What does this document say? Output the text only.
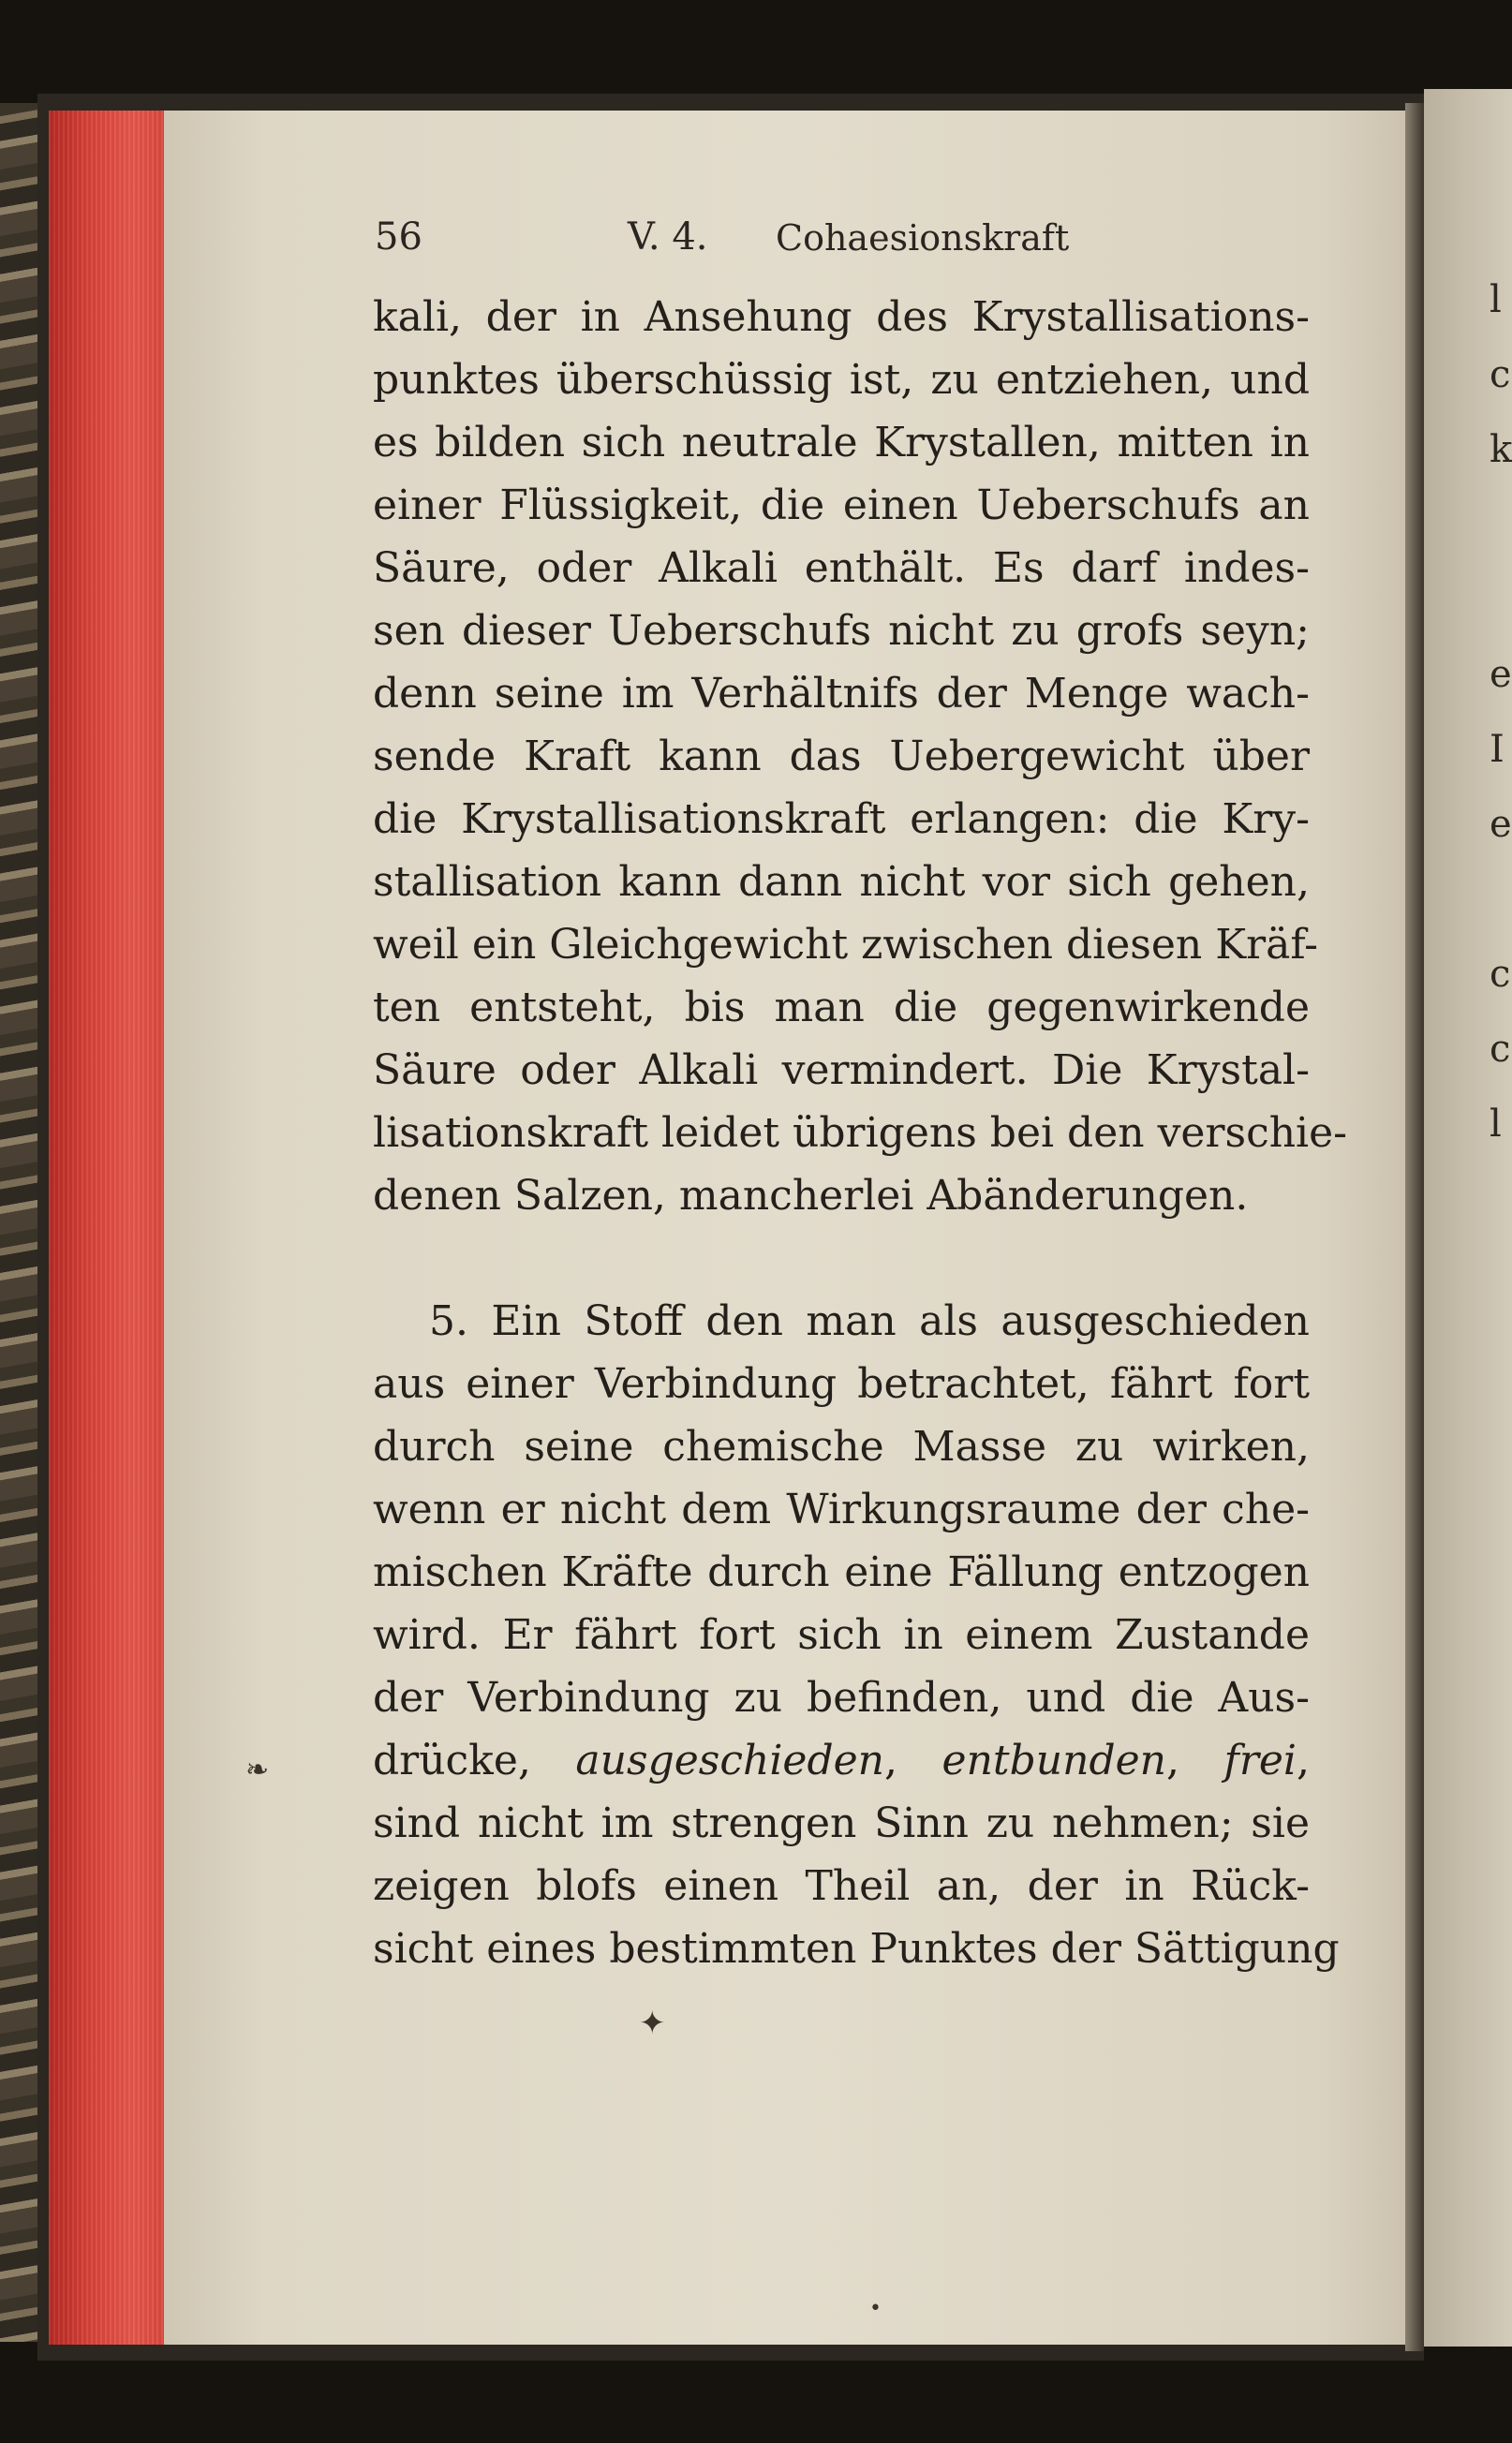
l
c
k
e
I
e
c
c
l
56	V. 4. Cohaesionskraft
kali, der in Ansehung des Krystallisations-
punktes überschüssig ist, zu entziehen, und
es bilden sich neutrale Krystallen, mitten in
einer Flüssigkeit, die einen Ueberschufs an
Säure, oder Alkali enthält. Es darf indes-
sen dieser Ueberschufs nicht zu grofs seyn;
denn seine im Verhältnifs der Menge wach-
sende Kraft kann das Uebergewicht über
die Krystallisationskraft erlangen: die Kry-
stallisation kann dann nicht vor sich gehen,
weil ein Gleichgewicht zwischen diesen Kräf-
ten entsteht, bis man die gegenwirkende
Säure oder Alkali vermindert. Die Krystal-
lisationskraft leidet übrigens bei den verschie-
denen Salzen, mancherlei Abänderungen.
5. Ein Stoff den man als ausgeschieden
aus einer Verbindung betrachtet, fährt fort
durch seine chemische Masse zu wirken,
wenn er nicht dem Wirkungsraume der che-
mischen Kräfte durch eine Fällung entzogen
wird. Er fährt fort sich in einem Zustande
der Verbindung zu befinden, und die Aus-
drücke, ausgeschieden, entbunden, frei,
sind nicht im strengen Sinn zu nehmen; sie
zeigen blofs einen Theil an, der in Rück-
sicht eines bestimmten Punktes der Sättigung
❧
✦
•
